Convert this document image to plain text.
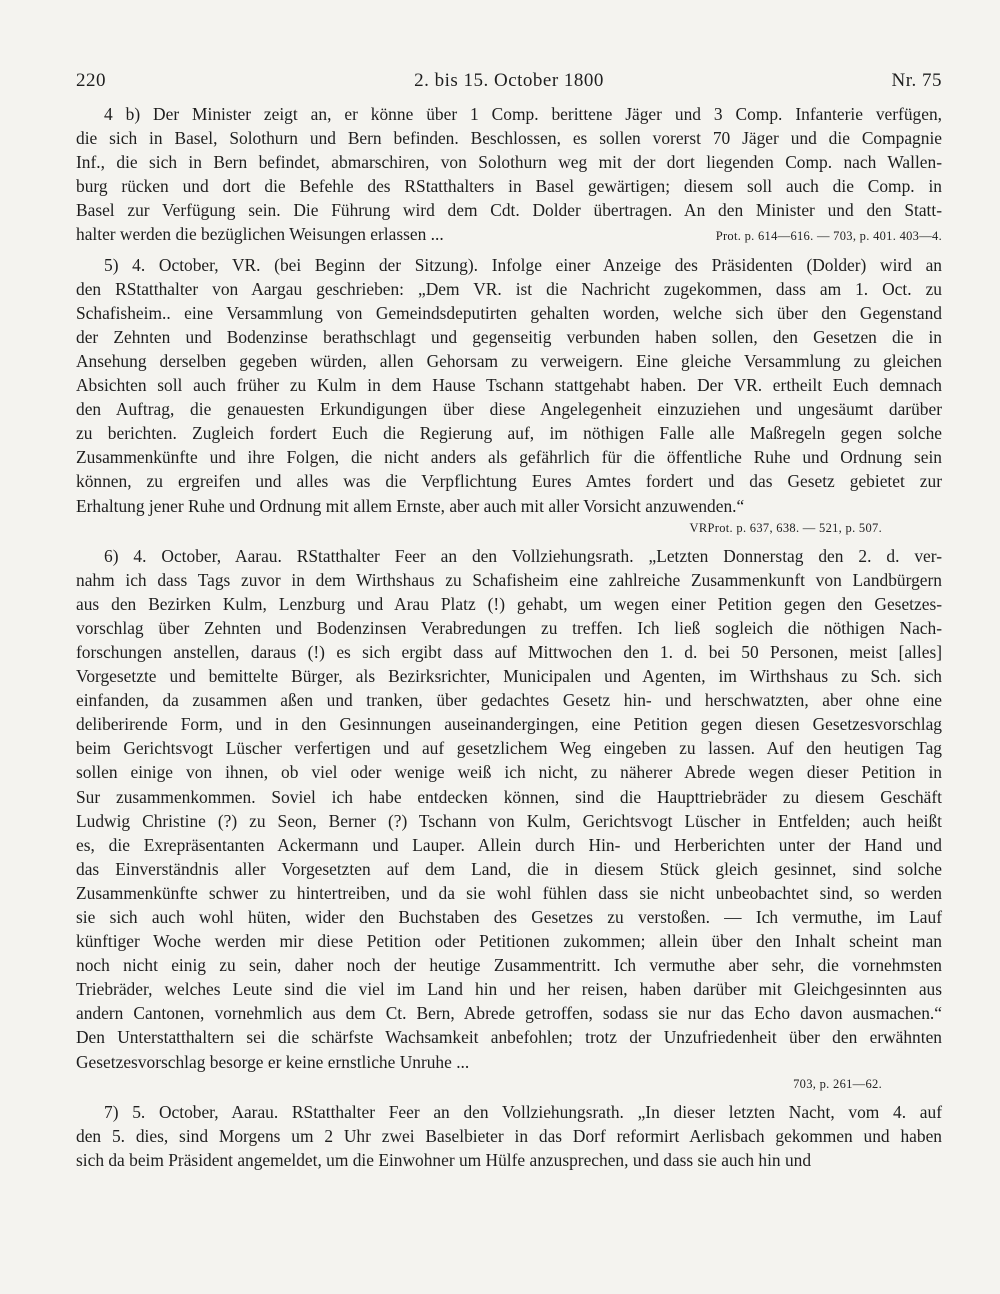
220	2. bis 15. October 1800	Nr. 75
4 b) Der Minister zeigt an, er könne über 1 Comp. berittene Jäger und 3 Comp. Infanterie verfügen,
die sich in Basel, Solothurn und Bern befinden. Beschlossen, es sollen vorerst 70 Jäger und die Compagnie
Inf., die sich in Bern befindet, abmarschiren, von Solothurn weg mit der dort liegenden Comp. nach Wallen-
burg rücken und dort die Befehle des RStatthalters in Basel gewärtigen; diesem soll auch die Comp. in
Basel zur Verfügung sein. Die Führung wird dem Cdt. Dolder übertragen. An den Minister und den Statt-
halter werden die bezüglichen Weisungen erlassen ...	Prot. p. 614—616. — 703, p. 401. 403—4.
5) 4. October, VR. (bei Beginn der Sitzung). Infolge einer Anzeige des Präsidenten (Dolder) wird an
den RStatthalter von Aargau geschrieben: „Dem VR. ist die Nachricht zugekommen, dass am 1. Oct. zu
Schafisheim.. eine Versammlung von Gemeindsdeputirten gehalten worden, welche sich über den Gegenstand
der Zehnten und Bodenzinse berathschlagt und gegenseitig verbunden haben sollen, den Gesetzen die in
Ansehung derselben gegeben würden, allen Gehorsam zu verweigern. Eine gleiche Versammlung zu gleichen
Absichten soll auch früher zu Kulm in dem Hause Tschann stattgehabt haben. Der VR. ertheilt Euch demnach
den Auftrag, die genauesten Erkundigungen über diese Angelegenheit einzuziehen und ungesäumt darüber
zu berichten. Zugleich fordert Euch die Regierung auf, im nöthigen Falle alle Maßregeln gegen solche
Zusammenkünfte und ihre Folgen, die nicht anders als gefährlich für die öffentliche Ruhe und Ordnung sein
können, zu ergreifen und alles was die Verpflichtung Eures Amtes fordert und das Gesetz gebietet zur
Erhaltung jener Ruhe und Ordnung mit allem Ernste, aber auch mit aller Vorsicht anzuwenden.“
VRProt. p. 637, 638. — 521, p. 507.
6) 4. October, Aarau. RStatthalter Feer an den Vollziehungsrath. „Letzten Donnerstag den 2. d. ver-
nahm ich dass Tags zuvor in dem Wirthshaus zu Schafisheim eine zahlreiche Zusammenkunft von Landbürgern
aus den Bezirken Kulm, Lenzburg und Arau Platz (!) gehabt, um wegen einer Petition gegen den Gesetzes-
vorschlag über Zehnten und Bodenzinsen Verabredungen zu treffen. Ich ließ sogleich die nöthigen Nach-
forschungen anstellen, daraus (!) es sich ergibt dass auf Mittwochen den 1. d. bei 50 Personen, meist [alles]
Vorgesetzte und bemittelte Bürger, als Bezirksrichter, Municipalen und Agenten, im Wirthshaus zu Sch. sich
einfanden, da zusammen aßen und tranken, über gedachtes Gesetz hin- und herschwatzten, aber ohne eine
deliberirende Form, und in den Gesinnungen auseinandergingen, eine Petition gegen diesen Gesetzesvorschlag
beim Gerichtsvogt Lüscher verfertigen und auf gesetzlichem Weg eingeben zu lassen. Auf den heutigen Tag
sollen einige von ihnen, ob viel oder wenige weiß ich nicht, zu näherer Abrede wegen dieser Petition in
Sur zusammenkommen. Soviel ich habe entdecken können, sind die Haupttriebräder zu diesem Geschäft
Ludwig Christine (?) zu Seon, Berner (?) Tschann von Kulm, Gerichtsvogt Lüscher in Entfelden; auch heißt
es, die Exrepräsentanten Ackermann und Lauper. Allein durch Hin- und Herberichten unter der Hand und
das Einverständnis aller Vorgesetzten auf dem Land, die in diesem Stück gleich gesinnet, sind solche
Zusammenkünfte schwer zu hintertreiben, und da sie wohl fühlen dass sie nicht unbeobachtet sind, so werden
sie sich auch wohl hüten, wider den Buchstaben des Gesetzes zu verstoßen. — Ich vermuthe, im Lauf
künftiger Woche werden mir diese Petition oder Petitionen zukommen; allein über den Inhalt scheint man
noch nicht einig zu sein, daher noch der heutige Zusammentritt. Ich vermuthe aber sehr, die vornehmsten
Triebräder, welches Leute sind die viel im Land hin und her reisen, haben darüber mit Gleichgesinnten aus
andern Cantonen, vornehmlich aus dem Ct. Bern, Abrede getroffen, sodass sie nur das Echo davon ausmachen.“
Den Unterstatthaltern sei die schärfste Wachsamkeit anbefohlen; trotz der Unzufriedenheit über den erwähnten
Gesetzesvorschlag besorge er keine ernstliche Unruhe ...
703, p. 261—62.
7) 5. October, Aarau. RStatthalter Feer an den Vollziehungsrath. „In dieser letzten Nacht, vom 4. auf
den 5. dies, sind Morgens um 2 Uhr zwei Baselbieter in das Dorf reformirt Aerlisbach gekommen und haben
sich da beim Präsident angemeldet, um die Einwohner um Hülfe anzusprechen, und dass sie auch hin und
